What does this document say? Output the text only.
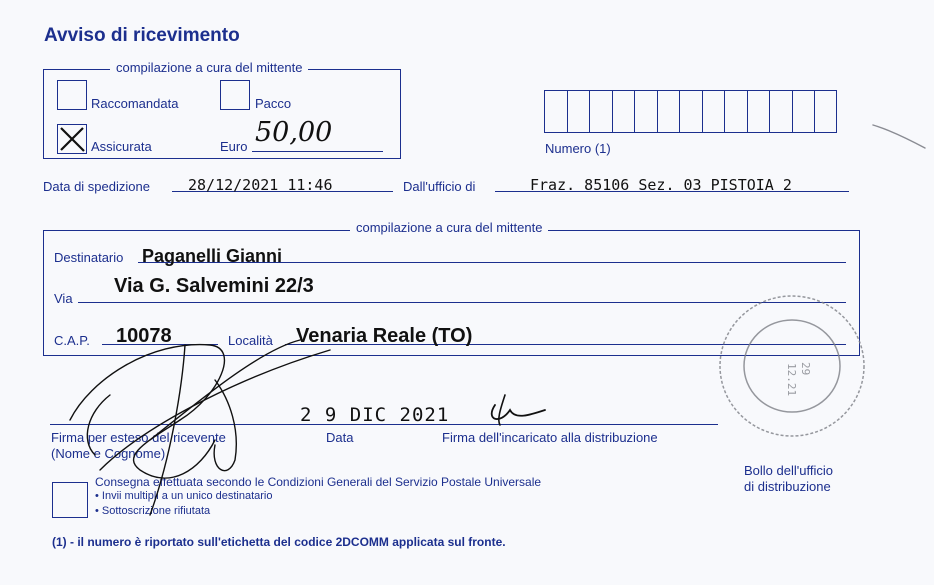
Avviso di ricevimento
compilazione a cura del mittente
Raccomandata	Pacco
Assicurata	Euro 50,00
Numero (1)
Data di spedizione	28/12/2021 11:46	Dall'ufficio di	Fraz. 85106 Sez. 03 PISTOIA 2
compilazione a cura del mittente
Destinatario Paganelli Gianni
Via
Via G. Salvemini 22/3
C.A.P. 10078	Località Venaria Reale (TO)
2 9 DIC 2021
Firma per esteso del ricevente
(Nome e Cognome)
Data	Firma dell'incaricato alla distribuzione
Consegna effettuata secondo le Condizioni Generali del Servizio Postale Universale
• Invii multipli a un unico destinatario
• Sottoscrizione rifiutata
Bollo dell'ufficio
di distribuzione
(1) - il numero è riportato sull'etichetta del codice 2DCOMM applicata sul fronte.
12.21 29
